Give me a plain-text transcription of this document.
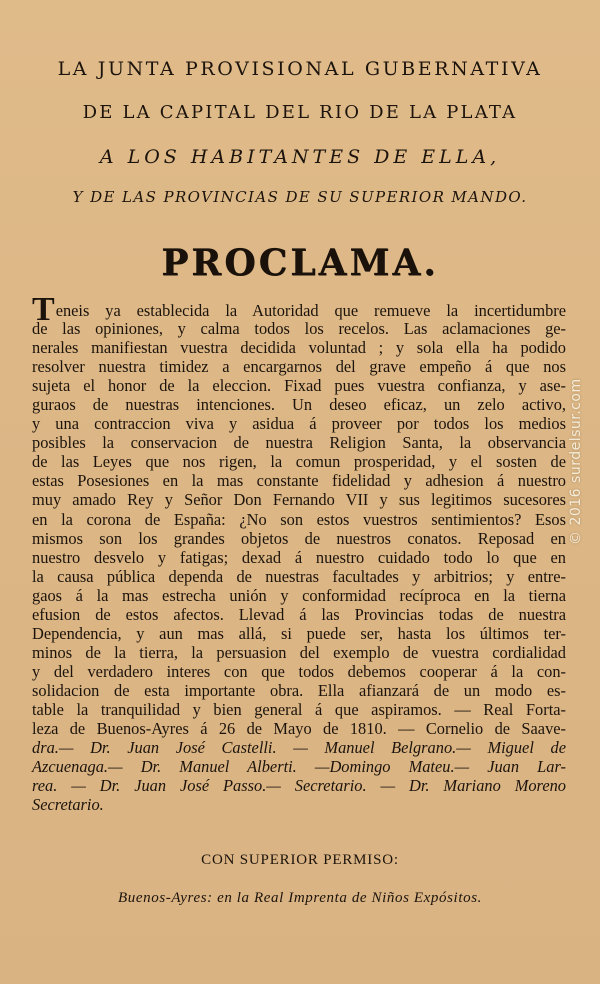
LA JUNTA PROVISIONAL GUBERNATIVA
DE LA CAPITAL DEL RIO DE LA PLATA
A LOS HABITANTES DE ELLA,
Y DE LAS PROVINCIAS DE SU SUPERIOR MANDO.
PROCLAMA.
Teneis ya establecida la Autoridad que remueve la incertidumbre
de las opiniones, y calma todos los recelos. Las aclamaciones ge-
nerales manifiestan vuestra decidida voluntad ; y sola ella ha podido
resolver nuestra timidez a encargarnos del grave empeño á que nos
sujeta el honor de la eleccion. Fixad pues vuestra confianza, y ase-
guraos de nuestras intenciones. Un deseo eficaz, un zelo activo,
y una contraccion viva y asidua á proveer por todos los medios
posibles la conservacion de nuestra Religion Santa, la observancia
de las Leyes que nos rigen, la comun prosperidad, y el sosten de
estas Posesiones en la mas constante fidelidad y adhesion á nuestro
muy amado Rey y Señor Don Fernando VII y sus legitimos sucesores
en la corona de España: ¿No son estos vuestros sentimientos? Esos
mismos son los grandes objetos de nuestros conatos. Reposad en
nuestro desvelo y fatigas; dexad á nuestro cuidado todo lo que en
la causa pública dependa de nuestras facultades y arbitrios; y entre-
gaos á la mas estrecha unión y conformidad recíproca en la tierna
efusion de estos afectos. Llevad á las Provincias todas de nuestra
Dependencia, y aun mas allá, si puede ser, hasta los últimos ter-
minos de la tierra, la persuasion del exemplo de vuestra cordialidad
y del verdadero interes con que todos debemos cooperar á la con-
solidacion de esta importante obra. Ella afianzará de un modo es-
table la tranquilidad y bien general á que aspiramos. — Real Forta-
leza de Buenos-Ayres á 26 de Mayo de 1810. — Cornelio de Saave-
dra.— Dr. Juan José Castelli. — Manuel Belgrano.— Miguel de
Azcuenaga.— Dr. Manuel Alberti. —Domingo Mateu.— Juan Lar-
rea. — Dr. Juan José Passo.— Secretario. — Dr. Mariano Moreno
Secretario.
CON SUPERIOR PERMISO:
Buenos-Ayres: en la Real Imprenta de Niños Expósitos.
© 2016 surdelsur.com
